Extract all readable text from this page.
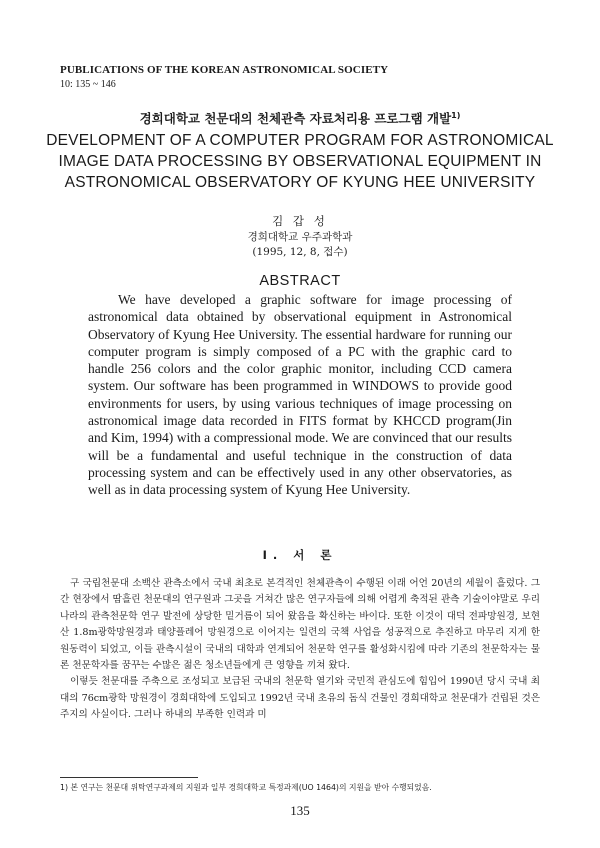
PUBLICATIONS OF THE KOREAN ASTRONOMICAL SOCIETY
10: 135 ~ 146
경희대학교 천문대의 천체관측 자료처리용 프로그램 개발$^{1)}$
DEVELOPMENT OF A COMPUTER PROGRAM FOR ASTRONOMICAL IMAGE DATA PROCESSING BY OBSERVATIONAL EQUIPMENT IN ASTRONOMICAL OBSERVATORY OF KYUNG HEE UNIVERSITY
김 갑 성
경희대학교 우주과학과
(1995, 12, 8, 접수)
ABSTRACT

We have developed a graphic software for image processing of astronomical data obtained by observational equipment in Astronomical Observatory of Kyung Hee University. The essential hardware for running our computer program is simply composed of a PC with the graphic card to handle 256 colors and the color graphic monitor, including CCD camera system. Our software has been programmed in WINDOWS to provide good environments for users, by using various techniques of image processing on astronomical image data recorded in FITS format by KHCCD program(Jin and Kim, 1994) with a compressional mode. We are convinced that our results will be a fundamental and useful technique in the construction of data processing system and can be effectively used in any other observatories, as well as in data processing system of Kyung Hee University.

I. 서 론

구 국립천문대 소백산 관측소에서 국내 최초로 본격적인 천체관측이 수행된 이래 어언 20년의 세월이 흘렀다. 그간 현장에서 땀흘린 천문대의 연구원과 그곳을 거쳐간 많은 연구자들에 의해 어렵게 축적된 관측 기술이야말로 우리 나라의 관측천문학 연구 발전에 상당한 밑거름이 되어 왔음을 확신하는 바이다. 또한 이것이 대덕 전파망원경, 보현산 1.8m광학망원경과 태양플레어 망원경으로 이어지는 일련의 국책 사업을 성공적으로 추진하고 마무리 지게 한 원동력이 되었고, 이들 관측시설이 국내의 대학과 연계되어 천문학 연구를 활성화시킴에 따라 기존의 천문학자는 물론 천문학자를 꿈꾸는 수많은 젊은 청소년들에게 큰 영향을 끼쳐 왔다.

이렇듯 천문대를 주축으로 조성되고 보급된 국내의 천문학 열기와 국민적 관심도에 힘입어 1990년 당시 국내 최대의 76cm광학 망원경이 경희대학에 도입되고 1992년 국내 초유의 돔식 건물인 경희대학교 천문대가 건립된 것은 주지의 사실이다. 그러나 하내의 부족한 인력과 미

1) 본 연구는 천문대 위탁연구과제의 지원과 일부 경희대학교 특정과제(UO 1464)의 지원을 받아 수행되었음.
135
